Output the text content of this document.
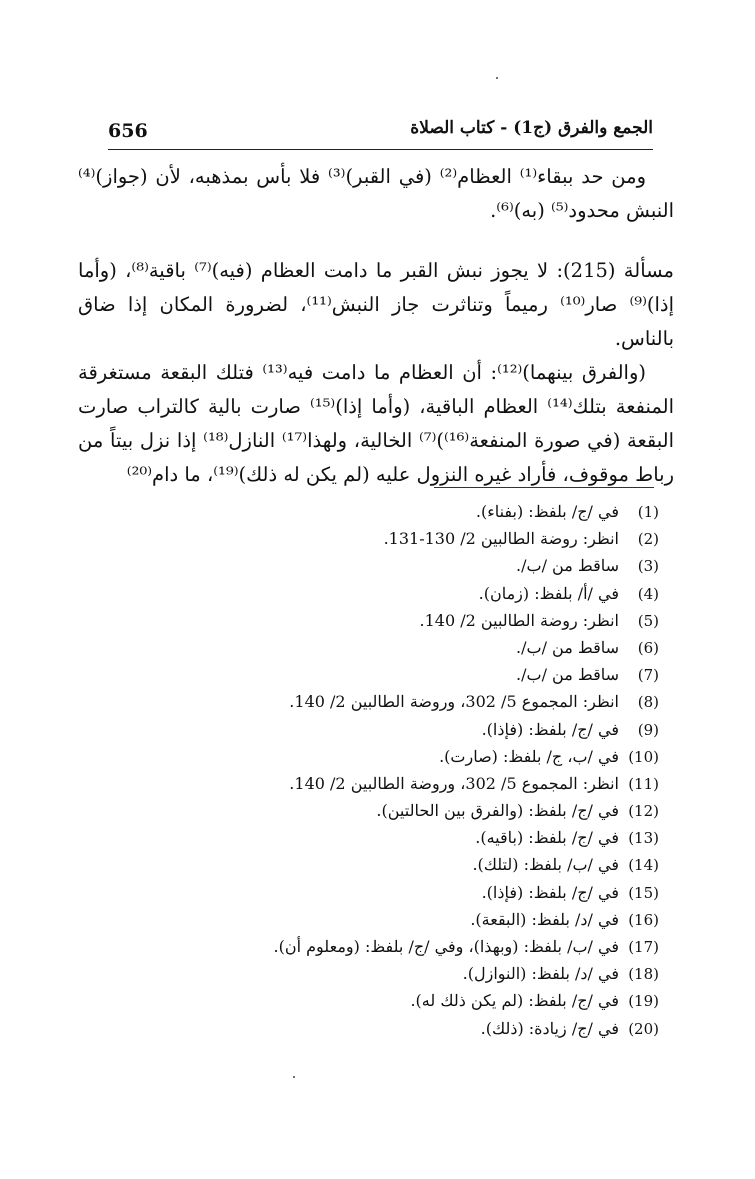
656	الجمع والفرق (ج1) - كتاب الصلاة

ومن حد ببقاء⁽¹⁾ العظام⁽²⁾ (في القبر)⁽³⁾ فلا بأس بمذهبه، لأن (جواز)⁽⁴⁾ النبش محدود⁽⁵⁾ (به)⁽⁶⁾.

مسألة (215): لا يجوز نبش القبر ما دامت العظام (فيه)⁽⁷⁾ باقية⁽⁸⁾، (وأما إذا)⁽⁹⁾ صار⁽¹⁰⁾ رميماً وتناثرت جاز النبش⁽¹¹⁾، لضرورة المكان إذا ضاق بالناس.

(والفرق بينهما)⁽¹²⁾: أن العظام ما دامت فيه⁽¹³⁾ فتلك البقعة مستغرقة المنفعة بتلك⁽¹⁴⁾ العظام الباقية، (وأما إذا)⁽¹⁵⁾ صارت بالية كالتراب صارت البقعة (في صورة المنفعة⁽¹⁶⁾)⁽⁷⁾ الخالية، ولهذا⁽¹⁷⁾ النازل⁽¹⁸⁾ إذا نزل بيتاً من رباط موقوف، فأراد غيره النزول عليه (لم يكن له ذلك)⁽¹⁹⁾، ما دام⁽²⁰⁾

(1)في /ج/ بلفظ: (بفناء).
(2)انظر: روضة الطالبين 2/ 130-131.
(3)ساقط من /ب/.
(4)في /أ/ بلفظ: (زمان).
(5)انظر: روضة الطالبين 2/ 140.
(6)ساقط من /ب/.
(7)ساقط من /ب/.
(8)انظر: المجموع 5/ 302، وروضة الطالبين 2/ 140.
(9)في /ج/ بلفظ: (فإذا).
(10)في /ب، ج/ بلفظ: (صارت).
(11)انظر: المجموع 5/ 302، وروضة الطالبين 2/ 140.
(12)في /ج/ بلفظ: (والفرق بين الحالتين).
(13)في /ج/ بلفظ: (باقيه).
(14)في /ب/ بلفظ: (لتلك).
(15)في /ج/ بلفظ: (فإذا).
(16)في /د/ بلفظ: (البقعة).
(17)في /ب/ بلفظ: (وبهذا)، وفي /ج/ بلفظ: (ومعلوم أن).
(18)في /د/ بلفظ: (النوازل).
(19)في /ج/ بلفظ: (لم يكن ذلك له).
(20)في /ج/ زيادة: (ذلك).
